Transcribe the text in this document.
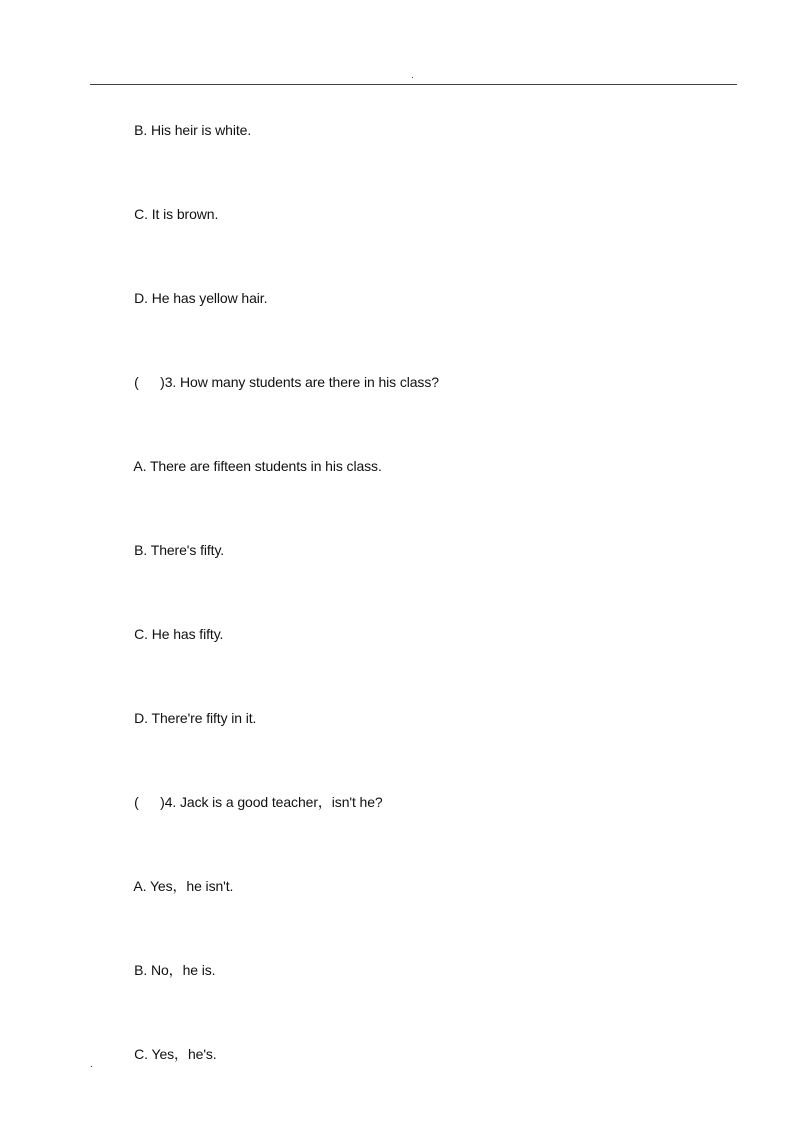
.

B. His heir is white.

C. It is brown.

D. He has yellow hair.

( )3. How many students are there in his class?

A. There are fifteen students in his class.

B. There's fifty.

C. He has fifty.

D. There're fifty in it.

( )4. Jack is a good teacher，isn't he?

A. Yes，he isn't.

B. No，he is.

C. Yes，he's.

.
